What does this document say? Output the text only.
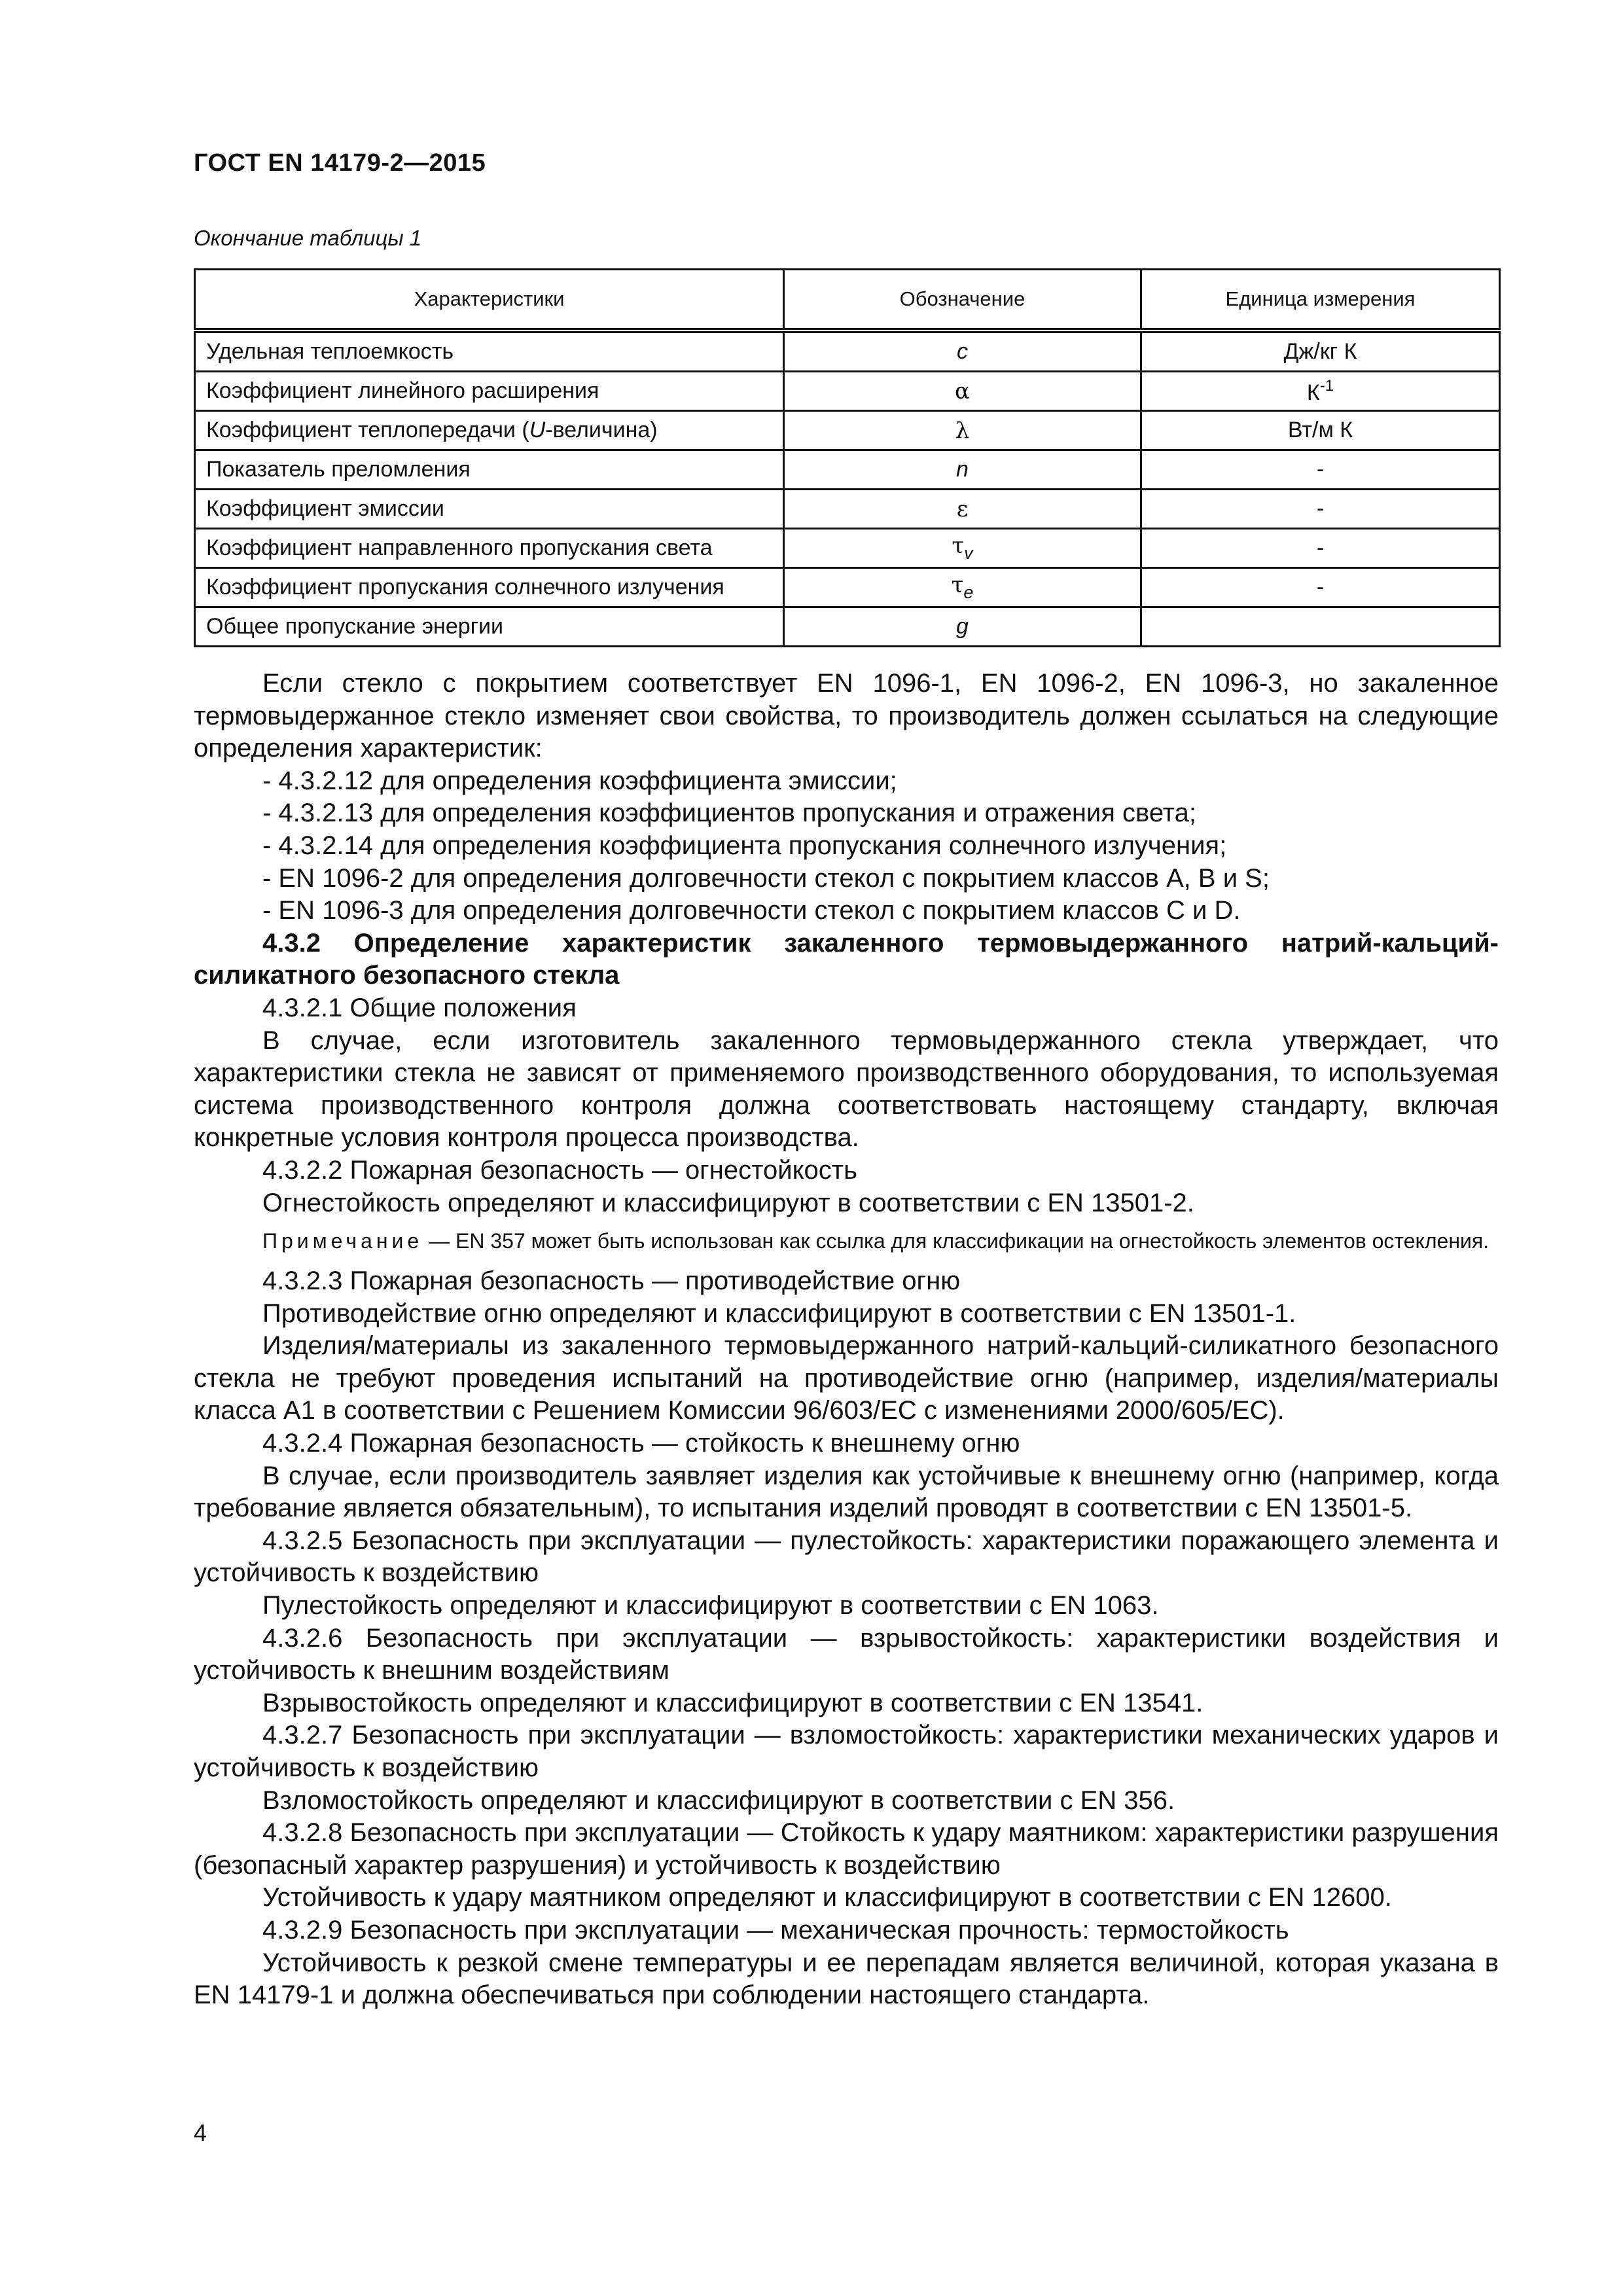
ГОСТ EN 14179-2—2015
Окончание таблицы 1
Характеристики	Обозначение	Единица измерения
Удельная теплоемкость	c	Дж/кг К
Коэффициент линейного расширения	α	$К^{-1}$
Коэффициент теплопередачи (U-величина)	λ	Вт/м К
Показатель преломления	n	-
Коэффициент эмиссии	ε	-
Коэффициент направленного пропускания света	$\tau_v$	-
Коэффициент пропускания солнечного излучения	$\tau_e$	-
Общее пропускание энергии	g	

Если стекло с покрытием соответствует EN 1096-1, EN 1096-2, EN 1096-3, но закаленное термовыдержанное стекло изменяет свои свойства, то производитель должен ссылаться на следующие определения характеристик:

- 4.3.2.12 для определения коэффициента эмиссии;

- 4.3.2.13 для определения коэффициентов пропускания и отражения света;

- 4.3.2.14 для определения коэффициента пропускания солнечного излучения;

- EN 1096-2 для определения долговечности стекол с покрытием классов А, В и S;

- EN 1096-3 для определения долговечности стекол с покрытием классов С и D.

4.3.2 Определение характеристик закаленного термовыдержанного натрий-кальций-силикатного безопасного стекла

4.3.2.1 Общие положения

В случае, если изготовитель закаленного термовыдержанного стекла утверждает, что характеристики стекла не зависят от применяемого производственного оборудования, то используемая система производственного контроля должна соответствовать настоящему стандарту, включая конкретные условия контроля процесса производства.

4.3.2.2 Пожарная безопасность — огнестойкость

Огнестойкость определяют и классифицируют в соответствии с EN 13501-2.

Примечание — EN 357 может быть использован как ссылка для классификации на огнестойкость элементов остекления.

4.3.2.3 Пожарная безопасность — противодействие огню

Противодействие огню определяют и классифицируют в соответствии с EN 13501-1.

Изделия/материалы из закаленного термовыдержанного натрий-кальций-силикатного безопасного стекла не требуют проведения испытаний на противодействие огню (например, изделия/материалы класса А1 в соответствии с Решением Комиссии 96/603/ЕС с изменениями 2000/605/ЕС).

4.3.2.4 Пожарная безопасность — стойкость к внешнему огню

В случае, если производитель заявляет изделия как устойчивые к внешнему огню (например, когда требование является обязательным), то испытания изделий проводят в соответствии с EN 13501-5.

4.3.2.5 Безопасность при эксплуатации — пулестойкость: характеристики поражающего элемента и устойчивость к воздействию

Пулестойкость определяют и классифицируют в соответствии с EN 1063.

4.3.2.6 Безопасность при эксплуатации — взрывостойкость: характеристики воздействия и устойчивость к внешним воздействиям

Взрывостойкость определяют и классифицируют в соответствии с EN 13541.

4.3.2.7 Безопасность при эксплуатации — взломостойкость: характеристики механических ударов и устойчивость к воздействию

Взломостойкость определяют и классифицируют в соответствии с EN 356.

4.3.2.8 Безопасность при эксплуатации — Стойкость к удару маятником: характеристики разрушения (безопасный характер разрушения) и устойчивость к воздействию

Устойчивость к удару маятником определяют и классифицируют в соответствии с EN 12600.

4.3.2.9 Безопасность при эксплуатации — механическая прочность: термостойкость

Устойчивость к резкой смене температуры и ее перепадам является величиной, которая указана в EN 14179-1 и должна обеспечиваться при соблюдении настоящего стандарта.

4
